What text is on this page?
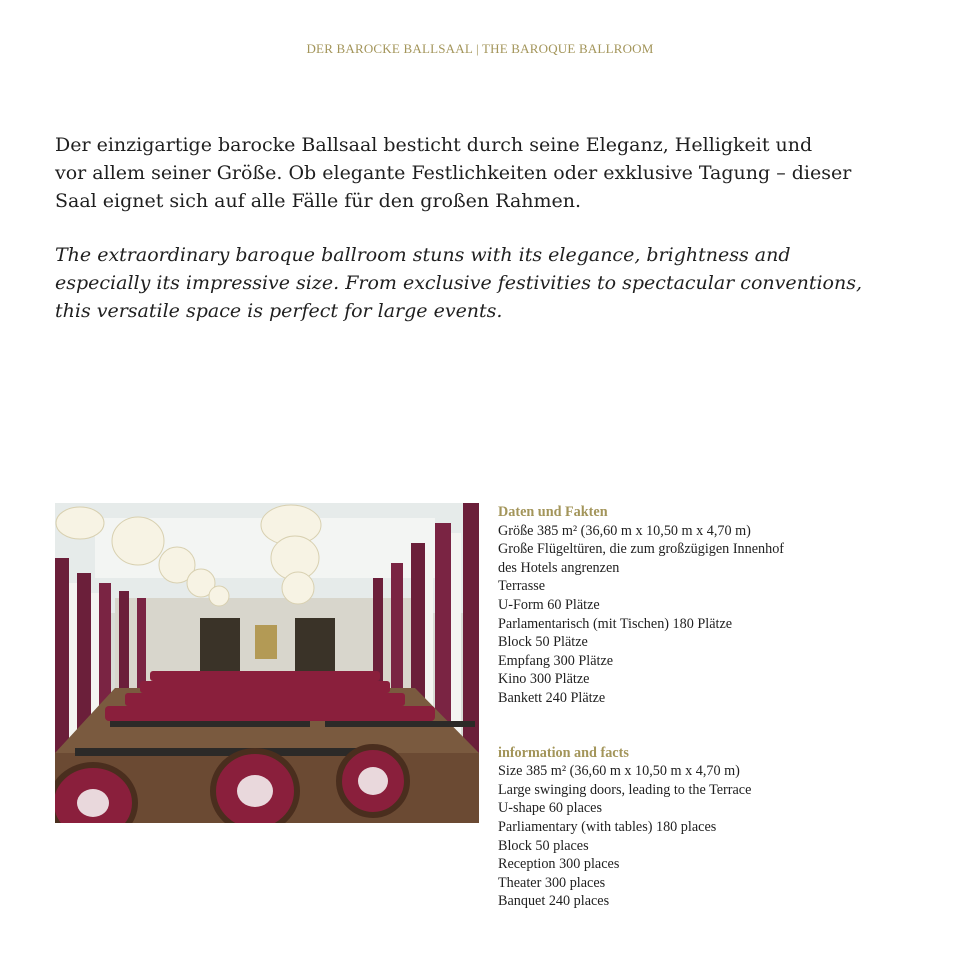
DER BAROCKE BALLSAAL | THE BAROQUE BALLROOM

Der einzigartige barocke Ballsaal besticht durch seine Eleganz, Helligkeit und
vor allem seiner Größe. Ob elegante Festlichkeiten oder exklusive Tagung – dieser
Saal eignet sich auf alle Fälle für den großen Rahmen.

The extraordinary baroque ballroom stuns with its elegance, brightness and
especially its impressive size. From exclusive festivities to spectacular conventions,
this versatile space is perfect for large events.

Daten und Fakten
Größe 385 m² (36,60 m x 10,50 m x 4,70 m)
Große Flügeltüren, die zum großzügigen Innenhof
des Hotels angrenzen
Terrasse
U-Form 60 Plätze
Parlamentarisch (mit Tischen) 180 Plätze
Block 50 Plätze
Empfang 300 Plätze
Kino 300 Plätze
Bankett 240 Plätze
information and facts
Size 385 m² (36,60 m x 10,50 m x 4,70 m)
Large swinging doors, leading to the Terrace
U-shape 60 places
Parliamentary (with tables) 180 places
Block 50 places
Reception 300 places
Theater 300 places
Banquet 240 places
